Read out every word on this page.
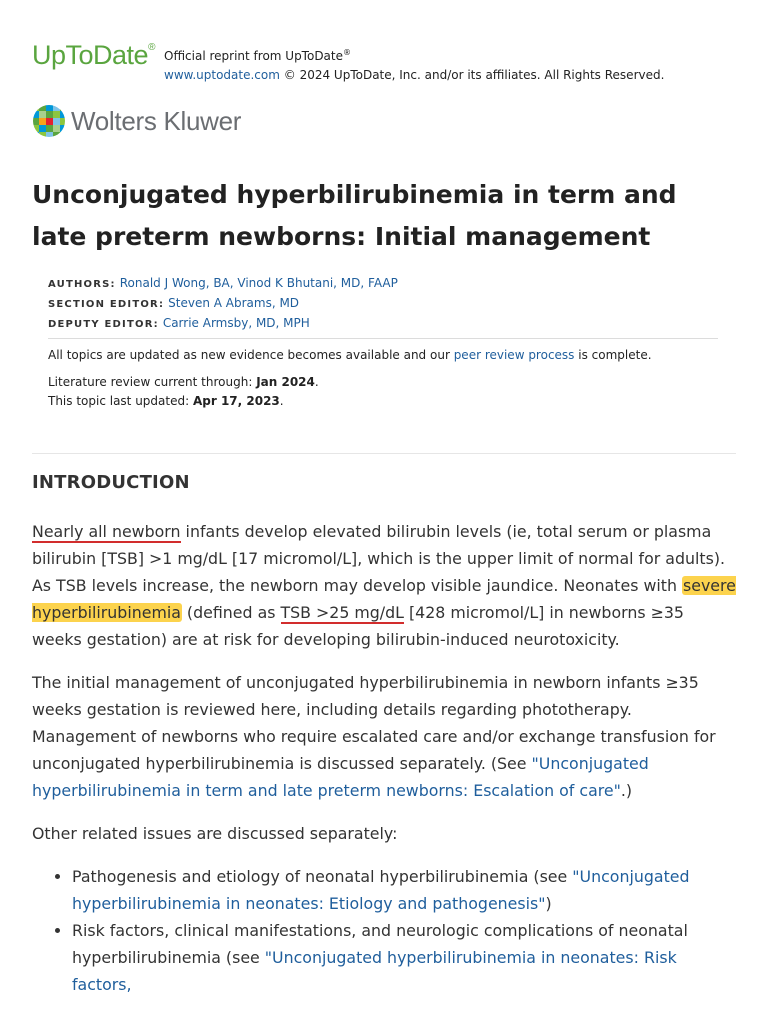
UpToDate®
Official reprint from UpToDate®
www.uptodate.com © 2024 UpToDate, Inc. and/or its affiliates. All Rights Reserved.
Wolters Kluwer
Unconjugated hyperbilirubinemia in term and late preterm newborns: Initial management
AUTHORS: Ronald J Wong, BA, Vinod K Bhutani, MD, FAAP
SECTION EDITOR: Steven A Abrams, MD
DEPUTY EDITOR: Carrie Armsby, MD, MPH

All topics are updated as new evidence becomes available and our peer review process is complete.

Literature review current through: Jan 2024.

This topic last updated: Apr 17, 2023.

INTRODUCTION

Nearly all newborn infants develop elevated bilirubin levels (ie, total serum or plasma bilirubin [TSB] >1 mg/dL [17 micromol/L], which is the upper limit of normal for adults). As TSB levels increase, the newborn may develop visible jaundice. Neonates with severe hyperbilirubinemia (defined as TSB >25 mg/dL [428 micromol/L] in newborns ≥35 weeks gestation) are at risk for developing bilirubin-induced neurotoxicity.

The initial management of unconjugated hyperbilirubinemia in newborn infants ≥35 weeks gestation is reviewed here, including details regarding phototherapy. Management of newborns who require escalated care and/or exchange transfusion for unconjugated hyperbilirubinemia is discussed separately. (See "Unconjugated hyperbilirubinemia in term and late preterm newborns: Escalation of care".)

Other related issues are discussed separately:

• Pathogenesis and etiology of neonatal hyperbilirubinemia (see "Unconjugated hyperbilirubinemia in neonates: Etiology and pathogenesis")
• Risk factors, clinical manifestations, and neurologic complications of neonatal hyperbilirubinemia (see "Unconjugated hyperbilirubinemia in neonates: Risk factors,
